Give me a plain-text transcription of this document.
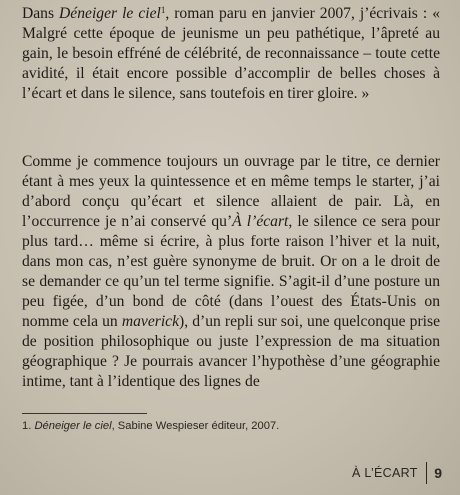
Dans Déneiger le ciel$^1$, roman paru en janvier 2007, j’écrivais : « Malgré cette époque de jeunisme un peu pathétique, l’âpreté au gain, le besoin effréné de célébrité, de reconnaissance – toute cette avidité, il était encore possible d’accomplir de belles choses à l’écart et dans le silence, sans toutefois en tirer gloire. »

Comme je commence toujours un ouvrage par le titre, ce dernier étant à mes yeux la quintessence et en même temps le starter, j’ai d’abord conçu qu’écart et silence allaient de pair. Là, en l’occurrence je n’ai conservé qu’À l’écart, le silence ce sera pour plus tard… même si écrire, à plus forte raison l’hiver et la nuit, dans mon cas, n’est guère synonyme de bruit. Or on a le droit de se demander ce qu’un tel terme signifie. S’agit-il d’une posture un peu figée, d’un bond de côté (dans l’ouest des États-Unis on nomme cela un maverick), d’un repli sur soi, une quelconque prise de position philosophique ou juste l’expression de ma situation géographique ? Je pourrais avancer l’hypothèse d’une géographie intime, tant à l’identique des lignes de

1. Déneiger le ciel, Sabine Wespieser éditeur, 2007.
À L’ÉCART 9
